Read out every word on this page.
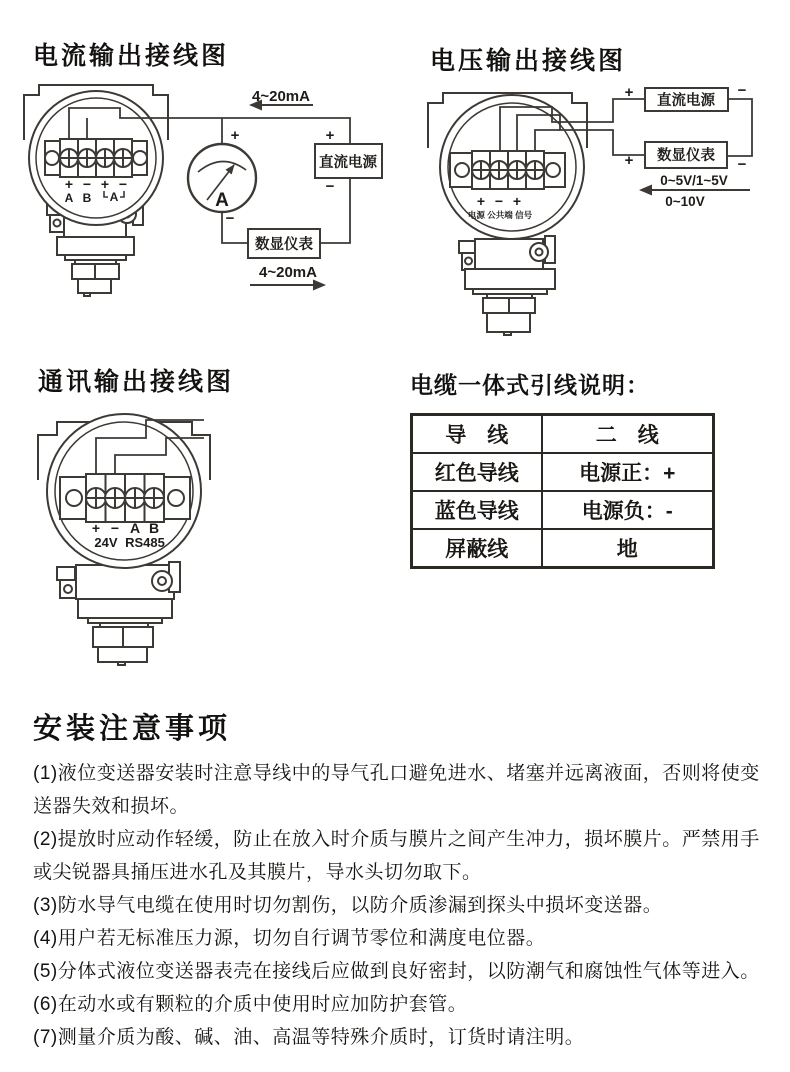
电流输出接线图
4~20mA
4~20mA
直流电源
数显仪表
A
+
−
+
−
+ − + −
A B A
电压输出接线图
直流电源
数显仪表
+	−
+	−
0~5V/1~5V
0~10V
+ − +
电源 公共端 信号
通讯输出接线图
+ − A B
24V RS485
电缆一体式引线说明：
导　线	二　线
红色导线	电源正：+
蓝色导线	电源负：-
屏蔽线	地
安装注意事项

(1)液位变送器安装时注意导线中的导气孔口避免进水、堵塞并远离液面，否则将使变送器失效和损坏。

(2)提放时应动作轻缓，防止在放入时介质与膜片之间产生冲力，损坏膜片。严禁用手或尖锐器具捅压进水孔及其膜片，导水头切勿取下。

(3)防水导气电缆在使用时切勿割伤，以防介质渗漏到探头中损坏变送器。

(4)用户若无标准压力源，切勿自行调节零位和满度电位器。

(5)分体式液位变送器表壳在接线后应做到良好密封，以防潮气和腐蚀性气体等进入。

(6)在动水或有颗粒的介质中使用时应加防护套管。

(7)测量介质为酸、碱、油、高温等特殊介质时，订货时请注明。
